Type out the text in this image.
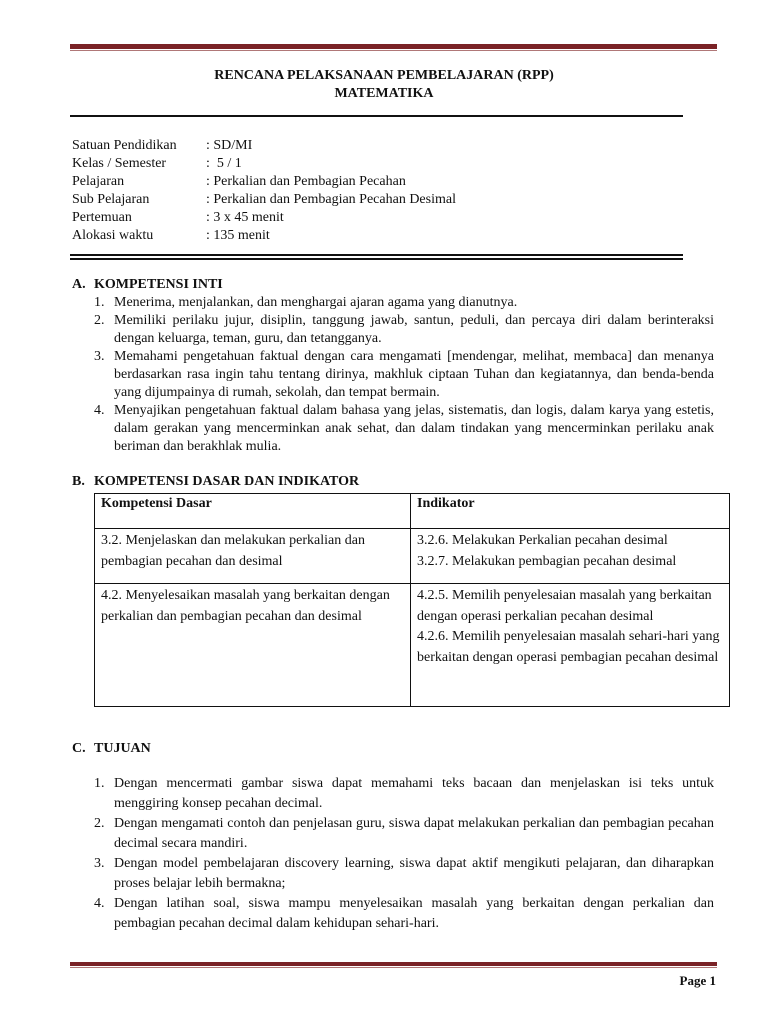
RENCANA PELAKSANAAN PEMBELAJARAN (RPP)
MATEMATIKA
Satuan Pendidikan	: SD/MI
Kelas / Semester	:  5 / 1
Pelajaran	: Perkalian dan Pembagian Pecahan
Sub Pelajaran	: Perkalian dan Pembagian Pecahan Desimal
Pertemuan	: 3 x 45 menit
Alokasi waktu	: 135 menit
A. KOMPETENSI INTI
1. Menerima, menjalankan, dan menghargai ajaran agama yang dianutnya.
2. Memiliki perilaku jujur, disiplin, tanggung jawab, santun, peduli, dan percaya diri dalam berinteraksi dengan keluarga, teman, guru, dan tetangganya.
3. Memahami pengetahuan faktual dengan cara mengamati [mendengar, melihat, membaca] dan menanya berdasarkan rasa ingin tahu tentang dirinya, makhluk ciptaan Tuhan dan kegiatannya, dan benda-benda yang dijumpainya di rumah, sekolah, dan tempat bermain.
4. Menyajikan pengetahuan faktual dalam bahasa yang jelas, sistematis, dan logis, dalam karya yang estetis, dalam gerakan yang mencerminkan anak sehat, dan dalam tindakan yang mencerminkan perilaku anak beriman dan berakhlak mulia.
B. KOMPETENSI DASAR DAN INDIKATOR
Kompetensi Dasar	Indikator
3.2. Menjelaskan dan melakukan perkalian dan pembagian pecahan dan desimal	3.2.6. Melakukan Perkalian pecahan desimal
3.2.7. Melakukan pembagian pecahan desimal

4.2. Menyelesaikan masalah yang berkaitan dengan perkalian dan pembagian pecahan dan desimal	4.2.5. Memilih penyelesaian masalah yang berkaitan dengan operasi perkalian pecahan desimal
4.2.6. Memilih penyelesaian masalah sehari-hari yang berkaitan dengan operasi pembagian pecahan desimal
C. TUJUAN
1. Dengan mencermati gambar siswa dapat memahami teks bacaan dan menjelaskan isi teks untuk menggiring konsep pecahan decimal.
2. Dengan mengamati contoh dan penjelasan guru, siswa dapat melakukan perkalian dan pembagian pecahan decimal secara mandiri.
3. Dengan model pembelajaran discovery learning, siswa dapat aktif mengikuti pelajaran, dan diharapkan proses belajar lebih bermakna;
4. Dengan latihan soal, siswa mampu menyelesaikan masalah yang berkaitan dengan perkalian dan pembagian pecahan decimal dalam kehidupan sehari-hari.
Page 1
